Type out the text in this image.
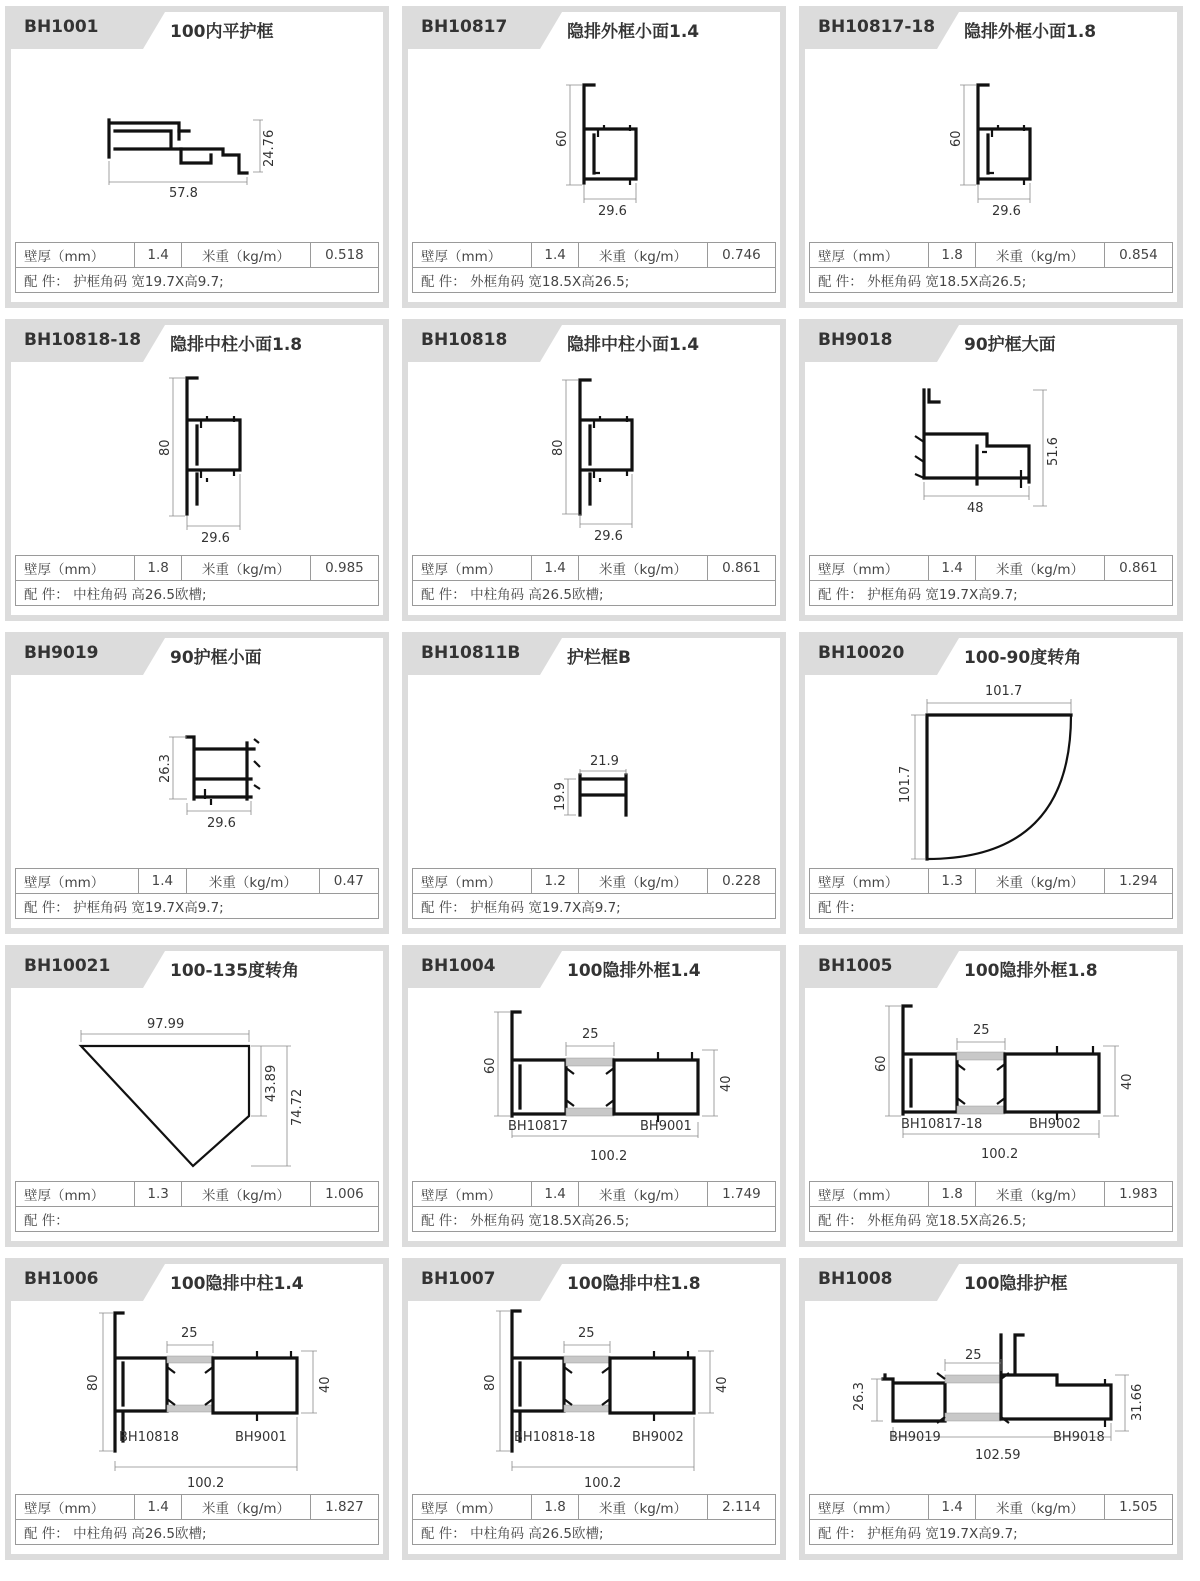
BH1001	100内平护框
57.8
24.76
壁厚（mm）	1.4	米重（kg/m）	0.518
配 件： 护框角码 宽19.7X高9.7;
BH10817	隐排外框小面1.4
60
29.6
壁厚（mm）	1.4	米重（kg/m）	0.746
配 件： 外框角码 宽18.5X高26.5;
BH10817-18 隐排外框小面1.8
60
29.6
壁厚（mm）	1.8	米重（kg/m）	0.854
配 件： 外框角码 宽18.5X高26.5;
BH10818-18 隐排中柱小面1.8
80
29.6
壁厚（mm）	1.8	米重（kg/m）	0.985
配 件： 中柱角码 高26.5欧槽;
BH10818	隐排中柱小面1.4
80
29.6
壁厚（mm）	1.4	米重（kg/m）	0.861
配 件： 中柱角码 高26.5欧槽;
BH9018	90护框大面
48
51.6
壁厚（mm）	1.4	米重（kg/m）	0.861
配 件： 护框角码 宽19.7X高9.7;
BH9019	90护框小面
26.3
29.6
壁厚（mm）	1.4	米重（kg/m）	0.47
配 件： 护框角码 宽19.7X高9.7;
BH10811B	护栏框B
21.9
19.9
壁厚（mm）	1.2	米重（kg/m）	0.228
配 件： 护框角码 宽19.7X高9.7;
BH10020	100-90度转角
101.7
101.7
壁厚（mm）	1.3	米重（kg/m）	1.294
配 件：
BH10021	100-135度转角
97.99
43.89
74.72
壁厚（mm）	1.3	米重（kg/m）	1.006
配 件：
BH1004	100隐排外框1.4
25
60
40
100.2
BH10817	BH9001
壁厚（mm）	1.4	米重（kg/m）	1.749
配 件： 外框角码 宽18.5X高26.5;
BH1005	100隐排外框1.8
25
60
40
100.2
BH10817-18	BH9002
壁厚（mm）	1.8	米重（kg/m）	1.983
配 件： 外框角码 宽18.5X高26.5;
BH1006	100隐排中柱1.4
25
80	40
100.2
BH10818	BH9001
壁厚（mm）	1.4	米重（kg/m）	1.827
配 件： 中柱角码 高26.5欧槽;
BH1007	100隐排中柱1.8
25
80	40
100.2
BH10818-18	BH9002
壁厚（mm）	1.8	米重（kg/m）	2.114
配 件： 中柱角码 高26.5欧槽;
BH1008	100隐排护框
25
26.3	31.66
102.59
BH9019	BH9018
壁厚（mm）	1.4	米重（kg/m）	1.505
配 件： 护框角码 宽19.7X高9.7;
